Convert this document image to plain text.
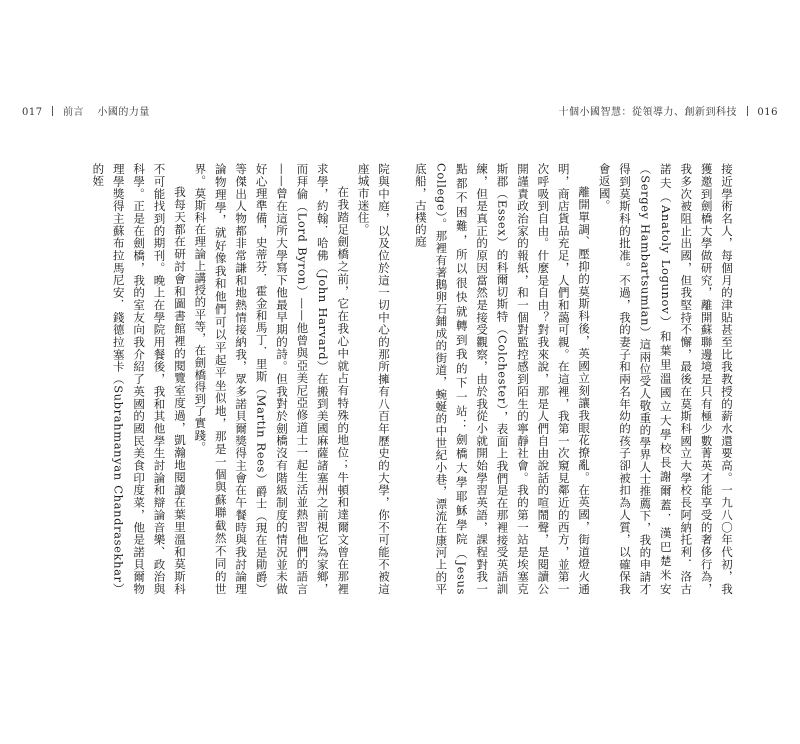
017 前言 小國的力量	十個小國智慧：從領導力、創新到科技 016

院與中庭，以及位於這一切中心的那所擁有八百年歷史的大學，你不可能不被這座城市迷住。

在我踏足劍橋之前，它在我心中就占有特殊的地位；牛頓和達爾文曾在那裡求學，約翰．哈佛（John Harvard）在搬到美國麻薩諸塞州之前視它為家鄉，而拜倫（Lord Byron）——他曾與亞美尼亞修道士一起生活並熱習他們的語言——曾在這所大學寫下他最早期的詩。但我對於劍橋沒有階級制度的情況並未做好心理準備，史蒂芬．霍金和馬丁．里斯（Martin Rees）爵士（現在是勛爵）等傑出人物都非常謙和地熱情接納我，眾多諾貝爾獎得主會在午餐時與我討論理論物理學，就好像我和他們可以平起平坐似地，那是一個與蘇聯截然不同的世界。莫斯科在理論上講授的平等，在劍橋得到了實踐。

我每天都在研討會和圖書館裡的閱覽室度過，凱瀚地閱讀在葉里溫和莫斯科不可能找到的期刊。晚上在學院用餐後，我和其他學生討論和辯論音樂、政治與科學。正是在劍橋，我的室友向我介紹了英國的國民美食印度菜，他是諾貝爾物理學獎得主蘇布拉馬尼安．錢德拉塞卡（Subrahmanyan Chandrasekhar）的姪	接近學術名人，每個月的津貼甚至比我教授的薪水還要高。一九八〇年代初，我獲邀到劍橋大學做研究，離開蘇聯邊境是只有極少數菁英才能享受的奢侈行為，我多次被阻止出國，但我堅持不懈，最後在莫斯科國立大學校長阿納托利．洛古諾夫（Anatoly Logunov）和葉里溫國立大學校長謝爾蓋．漢巴楚米安（Sergey Hambartsumian）這兩位受人敬重的學界人士推薦下，我的申請才得到莫斯科的批准。不過，我的妻子和兩名年幼的孩子卻被扣為人質，以確保我會返國。

離開單調、壓抑的莫斯科後，英國立刻讓我眼花撩亂。在英國，街道燈火通明，商店貨品充足，人們和藹可親。在這裡，我第一次窺見鄰近的西方，並第一次呼吸到自由。什麼是自由？對我來說，那是人們自由說話的喧鬧聲，是閱讀公開謹責政治家的報紙，和一個對監控感到陌生的寧靜社會。我的第一站是埃塞克斯郡（Essex）的科爾切斯特（Colchester），表面上我們是在那裡接受英語訓練，但是真正的原因當然是接受觀察，由於我從小就開始學習英語，課程對我一點都不困難，所以很快就轉到我的下一站：劍橋大學耶穌學院（Jesus College）。那裡有著鵝卵石鋪成的街道，蜿蜒的中世紀小巷，漂流在康河上的平底船，古樸的庭
